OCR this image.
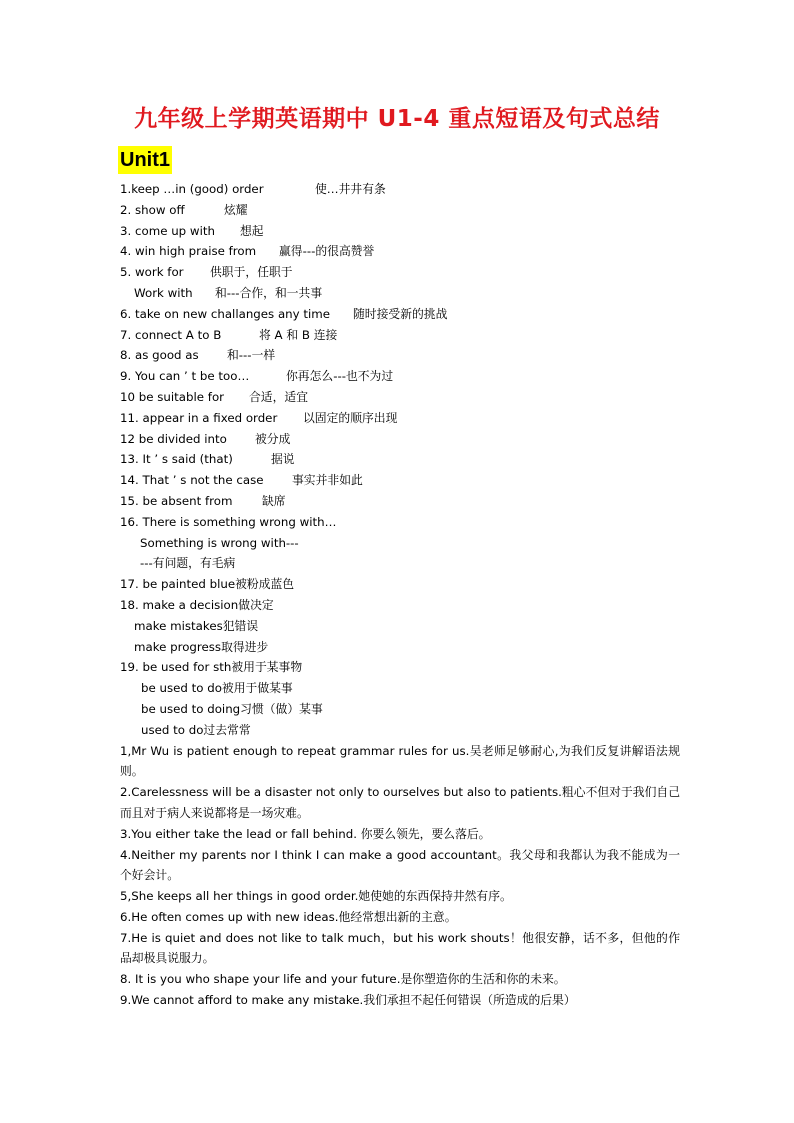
九年级上学期英语期中 U1-4 重点短语及句式总结
Unit1
1.keep …in (good) order	使…井井有条
2. show off	炫耀
3. come up with 想起
4. win high praise from 赢得---的很高赞誉
5. work for 供职于，任职于
Work with 和---合作，和一共事
6. take on new challanges any time 随时接受新的挑战
7. connect A to B	将 A 和 B 连接
8. as good as 和---一样
9. You can ’ t be too…	你再怎么---也不为过
10 be suitable for 合适，适宜
11. appear in a fixed order 以固定的顺序出现
12 be divided into 被分成
13. It ’ s said (that)	据说
14. That ’ s not the case 事实并非如此
15. be absent from	缺席
16. There is something wrong with…
Something is wrong with---
---有问题，有毛病
17. be painted blue被粉成蓝色
18. make a decision做决定
make mistakes犯错误
make progress取得进步
19. be used for sth被用于某事物
be used to do被用于做某事
be used to doing习惯（做）某事
used to do过去常常
1,Mr Wu is patient enough to repeat grammar rules for us.吴老师足够耐心,为我们反复讲解语法规则。
2.Carelessness will be a disaster not only to ourselves but also to patients.粗心不但对于我们自己而且对于病人来说都将是一场灾难。
3.You either take the lead or fall behind. 你要么领先，要么落后。
4.Neither my parents nor I think I can make a good accountant。我父母和我都认为我不能成为一个好会计。
5,She keeps all her things in good order.她使她的东西保持井然有序。
6.He often comes up with new ideas.他经常想出新的主意。
7.He is quiet and does not like to talk much，but his work shouts！他很安静，话不多，但他的作品却极具说服力。
8. It is you who shape your life and your future.是你塑造你的生活和你的未来。
9.We cannot afford to make any mistake.我们承担不起任何错误（所造成的后果）
